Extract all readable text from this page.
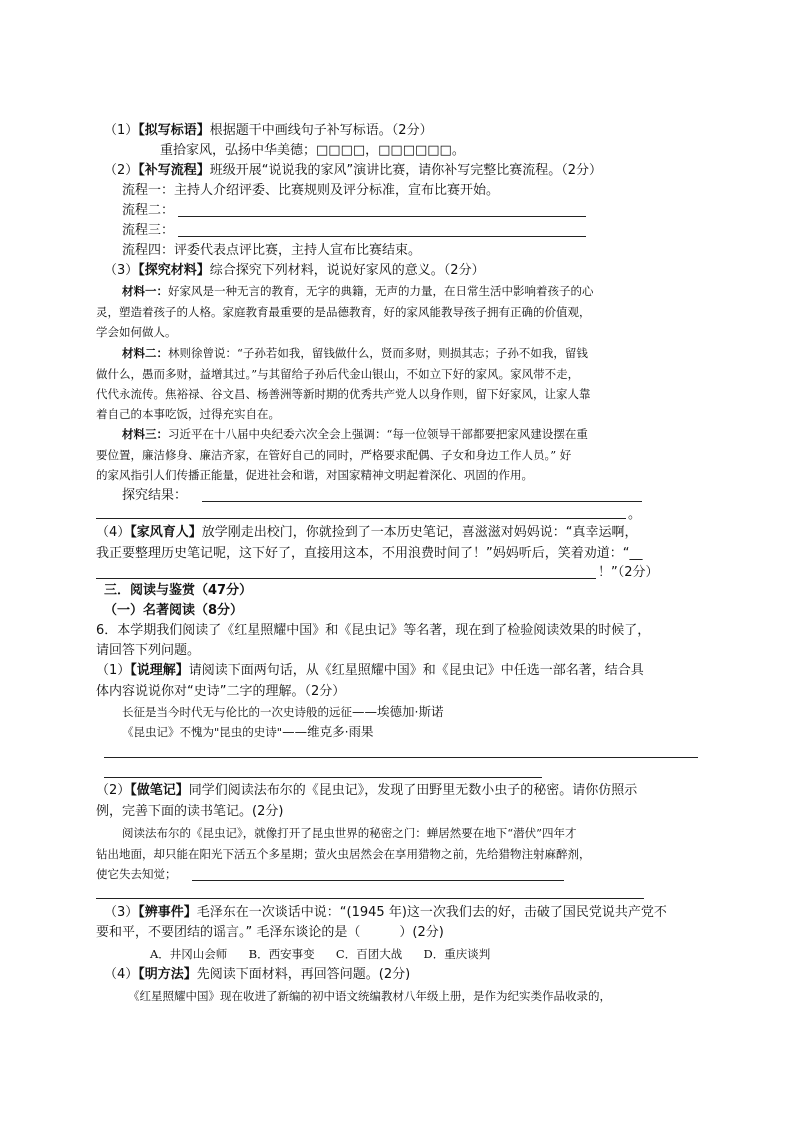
（1）【拟写标语】根据题干中画线句子补写标语。（2分）
重拾家风，弘扬中华美德；□□□□，□□□□□□。
（2）【补写流程】班级开展“说说我的家风”演讲比赛，请你补写完整比赛流程。（2分）
流程一：主持人介绍评委、比赛规则及评分标准，宣布比赛开始。
流程二：
流程三：
流程四：评委代表点评比赛，主持人宣布比赛结束。
（3）【探究材料】综合探究下列材料，说说好家风的意义。（2分）
材料一：好家风是一种无言的教育，无字的典籍，无声的力量，在日常生活中影响着孩子的心
灵，塑造着孩子的人格。家庭教育最重要的是品德教育，好的家风能教导孩子拥有正确的价值观，
学会如何做人。
材料二：林则徐曾说：“子孙若如我，留钱做什么，贤而多财，则损其志；子孙不如我，留钱
做什么，愚而多财，益增其过。”与其留给子孙后代金山银山，不如立下好的家风。家风带不走，
代代永流传。焦裕禄、谷文昌、杨善洲等新时期的优秀共产党人以身作则，留下好家风，让家人靠
着自己的本事吃饭，过得充实自在。
材料三：习近平在十八届中央纪委六次全会上强调：“每一位领导干部都要把家风建设摆在重
要位置，廉洁修身、廉洁齐家，在管好自己的同时，严格要求配偶、子女和身边工作人员。” 好
的家风指引人们传播正能量，促进社会和谐，对国家精神文明起着深化、巩固的作用。
探究结果：
。
（4）【家风育人】放学刚走出校门，你就捡到了一本历史笔记，喜滋滋对妈妈说：“真幸运啊，
我正要整理历史笔记呢，这下好了，直接用这本，不用浪费时间了！”妈妈听后，笑着劝道：“__
！”（2分）
三．阅读与鉴赏（47分）
（一）名著阅读（8分）
6．本学期我们阅读了《红星照耀中国》和《昆虫记》等名著，现在到了检验阅读效果的时候了，
请回答下列问题。
（1）【说理解】请阅读下面两句话，从《红星照耀中国》和《昆虫记》中任选一部名著，结合具
体内容说说你对“史诗”二字的理解。（2分）
长征是当今时代无与伦比的一次史诗般的远征——埃德加·斯诺
《昆虫记》不愧为"昆虫的史诗"——维克多·雨果
（2）【做笔记】同学们阅读法布尔的《昆虫记》，发现了田野里无数小虫子的秘密。请你仿照示
例，完善下面的读书笔记。(2分)
阅读法布尔的《昆虫记》，就像打开了昆虫世界的秘密之门：蝉居然要在地下“潜伏”四年才
钻出地面，却只能在阳光下活五个多星期；萤火虫居然会在享用猎物之前，先给猎物注射麻醉剂，
使它失去知觉；
（3）【辨事件】毛泽东在一次谈话中说：“(1945 年)这一次我们去的好，击破了国民党说共产党不
要和平，不要团结的谣言。” 毛泽东谈论的是（　　　）(2分)
A．井冈山会师 B．西安事变 C．百团大战 D．重庆谈判
（4）【明方法】先阅读下面材料，再回答问题。(2分)
《红星照耀中国》现在收进了新编的初中语文统编教材八年级上册，是作为纪实类作品收录的，
